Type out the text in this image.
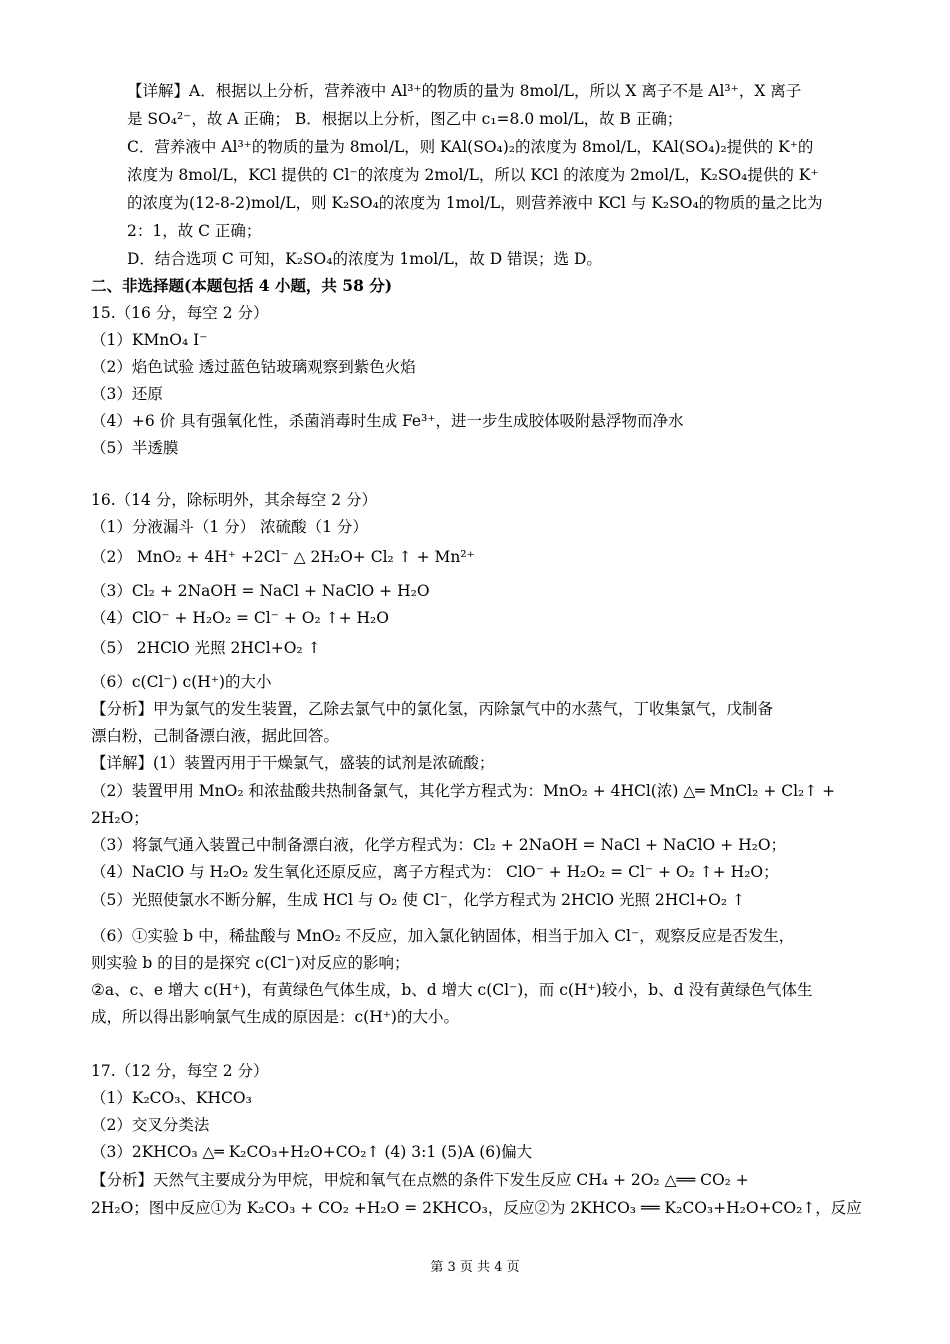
【详解】A．根据以上分析，营养液中 Al³⁺的物质的量为 8mol/L，所以 X 离子不是 Al³⁺，X 离子
是 SO₄²⁻，故 A 正确； B．根据以上分析，图乙中 c₁=8.0 mol/L，故 B 正确；
C．营养液中 Al³⁺的物质的量为 8mol/L，则 KAl(SO₄)₂的浓度为 8mol/L，KAl(SO₄)₂提供的 K⁺的
浓度为 8mol/L，KCl 提供的 Cl⁻的浓度为 2mol/L，所以 KCl 的浓度为 2mol/L，K₂SO₄提供的 K⁺
的浓度为(12-8-2)mol/L，则 K₂SO₄的浓度为 1mol/L，则营养液中 KCl 与 K₂SO₄的物质的量之比为
2：1，故 C 正确；
D．结合选项 C 可知，K₂SO₄的浓度为 1mol/L，故 D 错误；选 D。
二、非选择题(本题包括 4 小题，共 58 分)
15.（16 分，每空 2 分）
（1）KMnO₄ I⁻
（2）焰色试验 透过蓝色钴玻璃观察到紫色火焰
（3）还原
（4）+6 价 具有强氧化性，杀菌消毒时生成 Fe³⁺，进一步生成胶体吸附悬浮物而净水
（5）半透膜
16.（14 分，除标明外，其余每空 2 分）
（1）分液漏斗（1 分） 浓硫酸（1 分）
（2） MnO₂ + 4H⁺ +2Cl⁻ △ 2H₂O+ Cl₂ ↑ + Mn²⁺
（3）Cl₂ + 2NaOH = NaCl + NaClO + H₂O
（4）ClO⁻ + H₂O₂ = Cl⁻ + O₂ ↑+ H₂O
（5） 2HClO 光照 2HCl+O₂ ↑
（6）c(Cl⁻) c(H⁺)的大小
【分析】甲为氯气的发生装置，乙除去氯气中的氯化氢，丙除氯气中的水蒸气，丁收集氯气，戊制备
漂白粉，己制备漂白液，据此回答。
【详解】(1）装置丙用于干燥氯气，盛装的试剂是浓硫酸；
（2）装置甲用 MnO₂ 和浓盐酸共热制备氯气，其化学方程式为：MnO₂ + 4HCl(浓) △═ MnCl₂ + Cl₂↑ +
2H₂O；
（3）将氯气通入装置己中制备漂白液，化学方程式为：Cl₂ + 2NaOH = NaCl + NaClO + H₂O；
（4）NaClO 与 H₂O₂ 发生氧化还原反应，离子方程式为： ClO⁻ + H₂O₂ = Cl⁻ + O₂ ↑+ H₂O；
（5）光照使氯水不断分解，生成 HCl 与 O₂ 使 Cl⁻，化学方程式为 2HClO 光照 2HCl+O₂ ↑
（6）①实验 b 中，稀盐酸与 MnO₂ 不反应，加入氯化钠固体，相当于加入 Cl⁻，观察反应是否发生，
则实验 b 的目的是探究 c(Cl⁻)对反应的影响；
②a、c、e 增大 c(H⁺)，有黄绿色气体生成，b、d 增大 c(Cl⁻)，而 c(H⁺)较小，b、d 没有黄绿色气体生
成，所以得出影响氯气生成的原因是：c(H⁺)的大小。
17.（12 分，每空 2 分）
（1）K₂CO₃、KHCO₃
（2）交叉分类法
（3）2KHCO₃ △═ K₂CO₃+H₂O+CO₂↑ (4) 3:1 (5)A (6)偏大
【分析】天然气主要成分为甲烷，甲烷和氧气在点燃的条件下发生反应 CH₄ + 2O₂ △══ CO₂ +
2H₂O；图中反应①为 K₂CO₃ + CO₂ +H₂O = 2KHCO₃，反应②为 2KHCO₃ ══ K₂CO₃+H₂O+CO₂↑，反应
第 3 页 共 4 页
